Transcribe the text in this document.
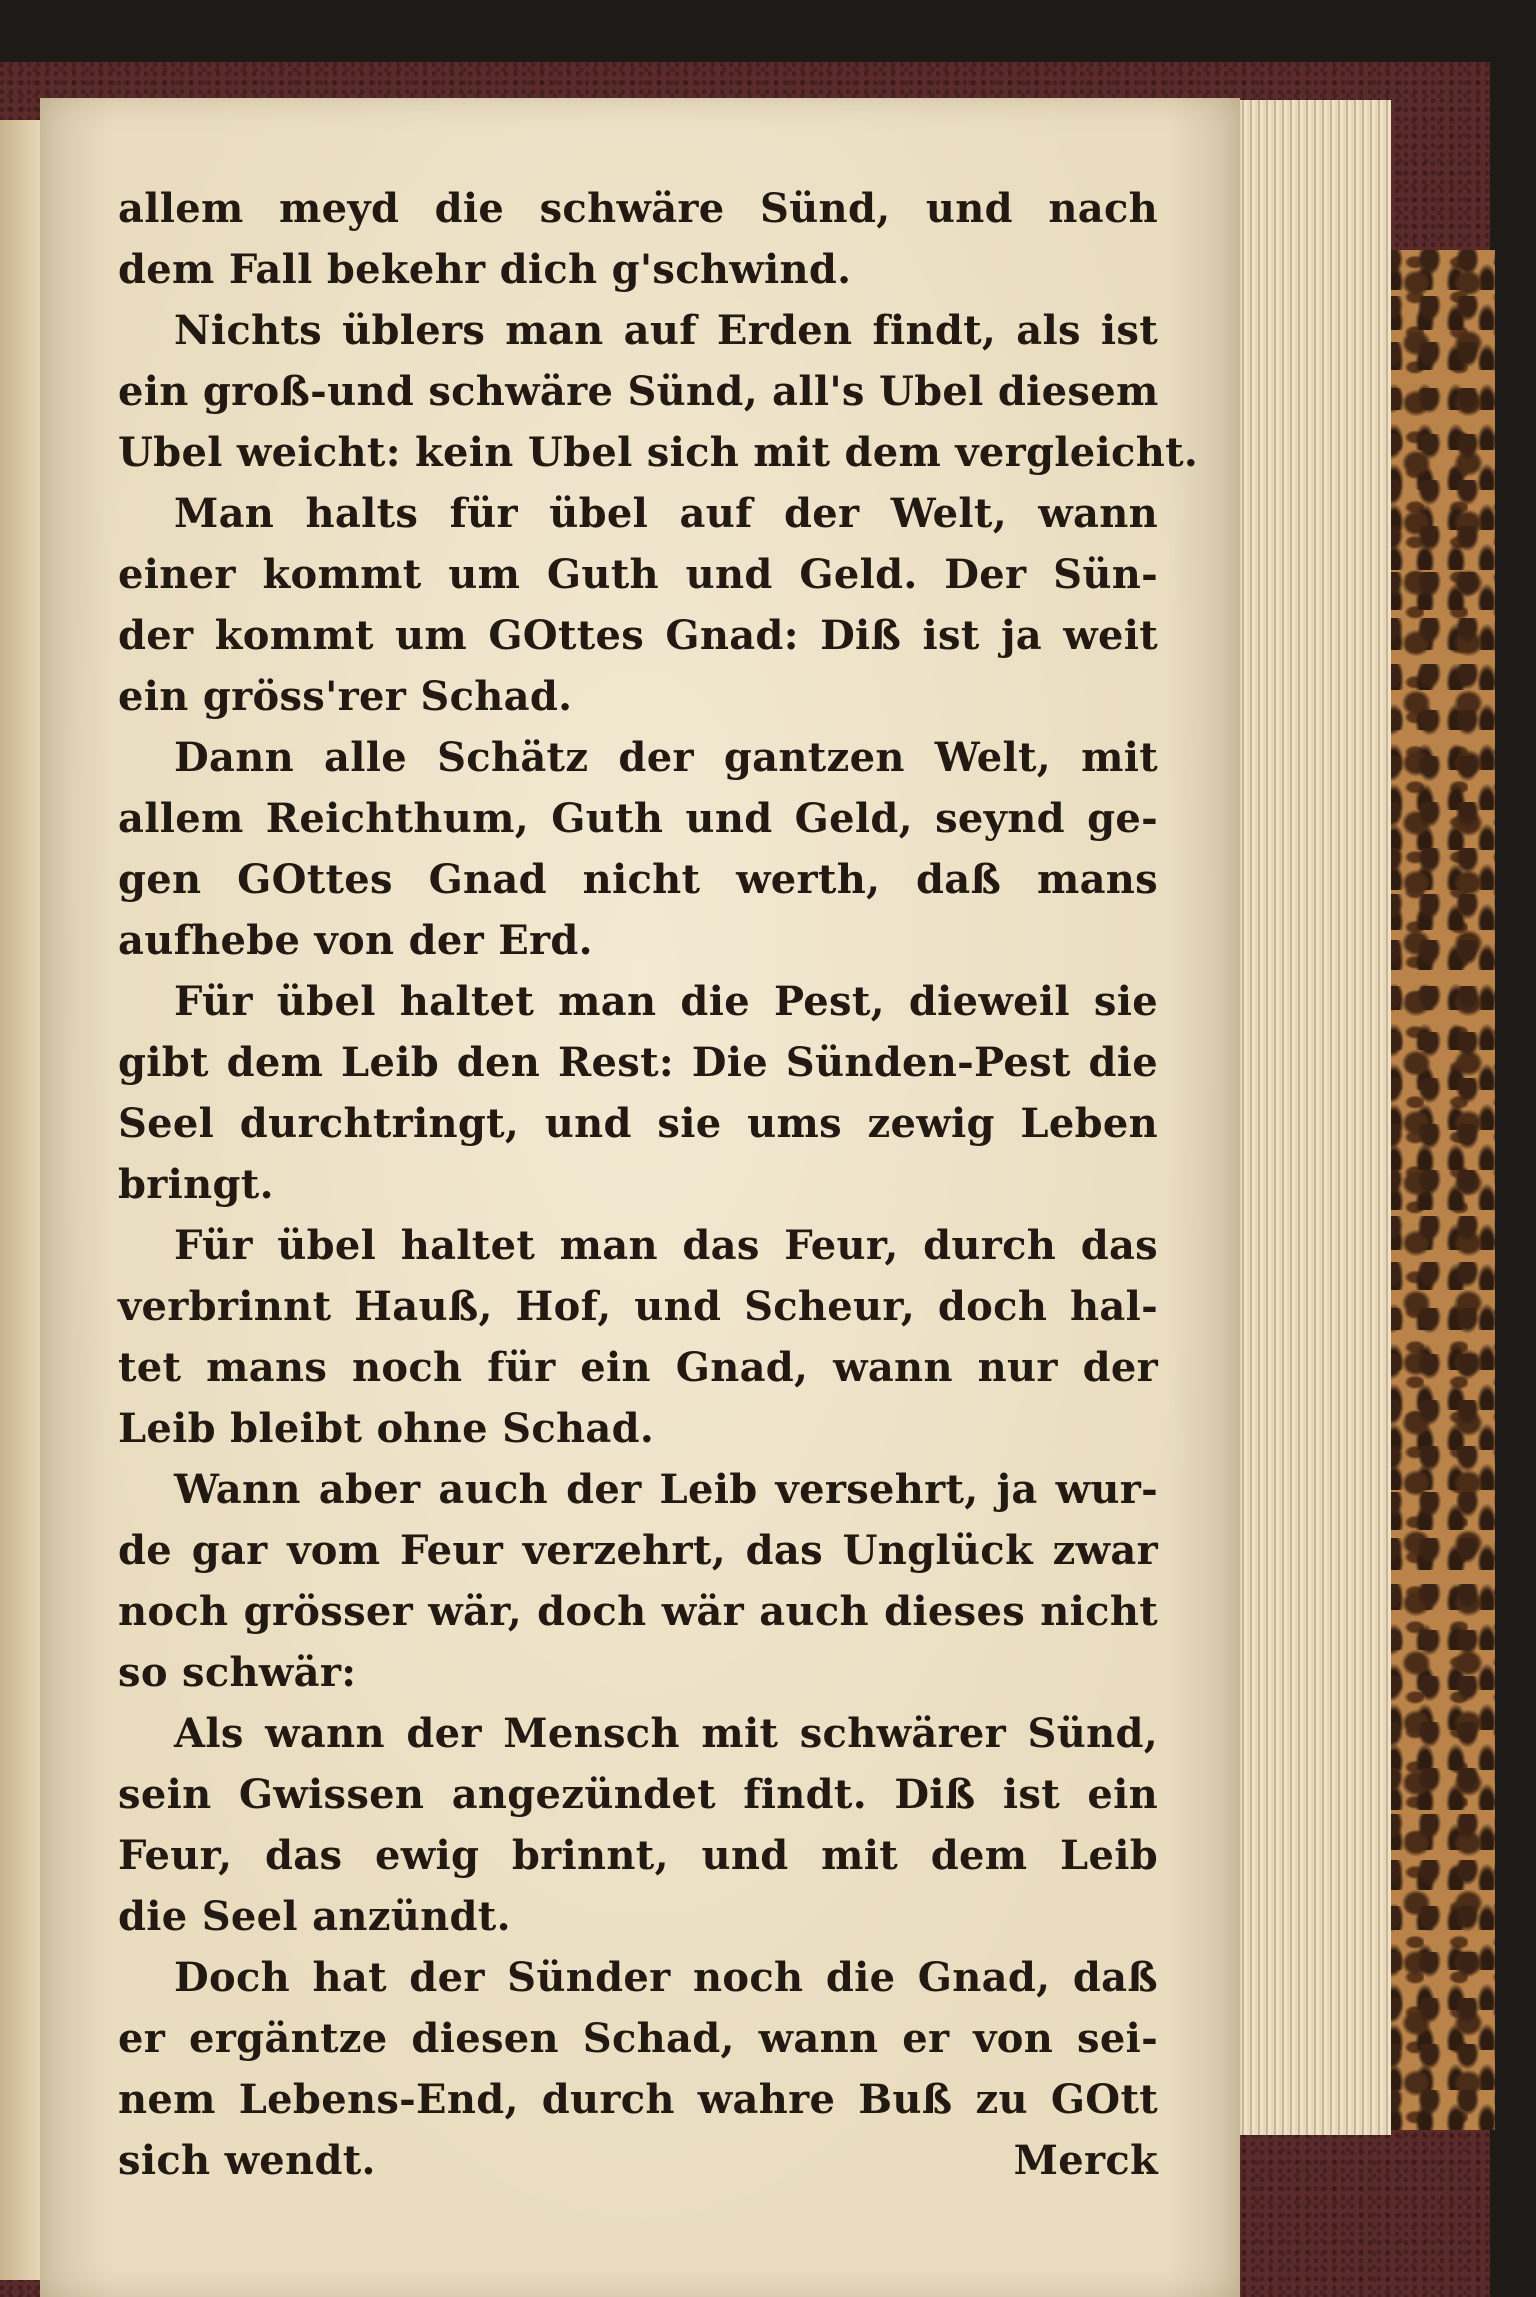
allem meyd die schwäre Sünd, und nach
dem Fall bekehr dich g'schwind.

Nichts üblers man auf Erden findt, als ist
ein groß-und schwäre Sünd, all's Ubel diesem
Ubel weicht: kein Ubel sich mit dem vergleicht.

Man halts für übel auf der Welt, wann
einer kommt um Guth und Geld. Der Sün-
der kommt um GOttes Gnad: Diß ist ja weit
ein gröss'rer Schad.

Dann alle Schätz der gantzen Welt, mit
allem Reichthum, Guth und Geld, seynd ge-
gen GOttes Gnad nicht werth, daß mans
aufhebe von der Erd.

Für übel haltet man die Pest, dieweil sie
gibt dem Leib den Rest: Die Sünden-Pest die
Seel durchtringt, und sie ums zewig Leben
bringt.

Für übel haltet man das Feur, durch das
verbrinnt Hauß, Hof, und Scheur, doch hal-
tet mans noch für ein Gnad, wann nur der
Leib bleibt ohne Schad.

Wann aber auch der Leib versehrt, ja wur-
de gar vom Feur verzehrt, das Unglück zwar
noch grösser wär, doch wär auch dieses nicht
so schwär:

Als wann der Mensch mit schwärer Sünd,
sein Gwissen angezündet findt. Diß ist ein
Feur, das ewig brinnt, und mit dem Leib
die Seel anzündt.

Doch hat der Sünder noch die Gnad, daß
er ergäntze diesen Schad, wann er von sei-
nem Lebens-End, durch wahre Buß zu GOtt

sich wendt.	Merck
